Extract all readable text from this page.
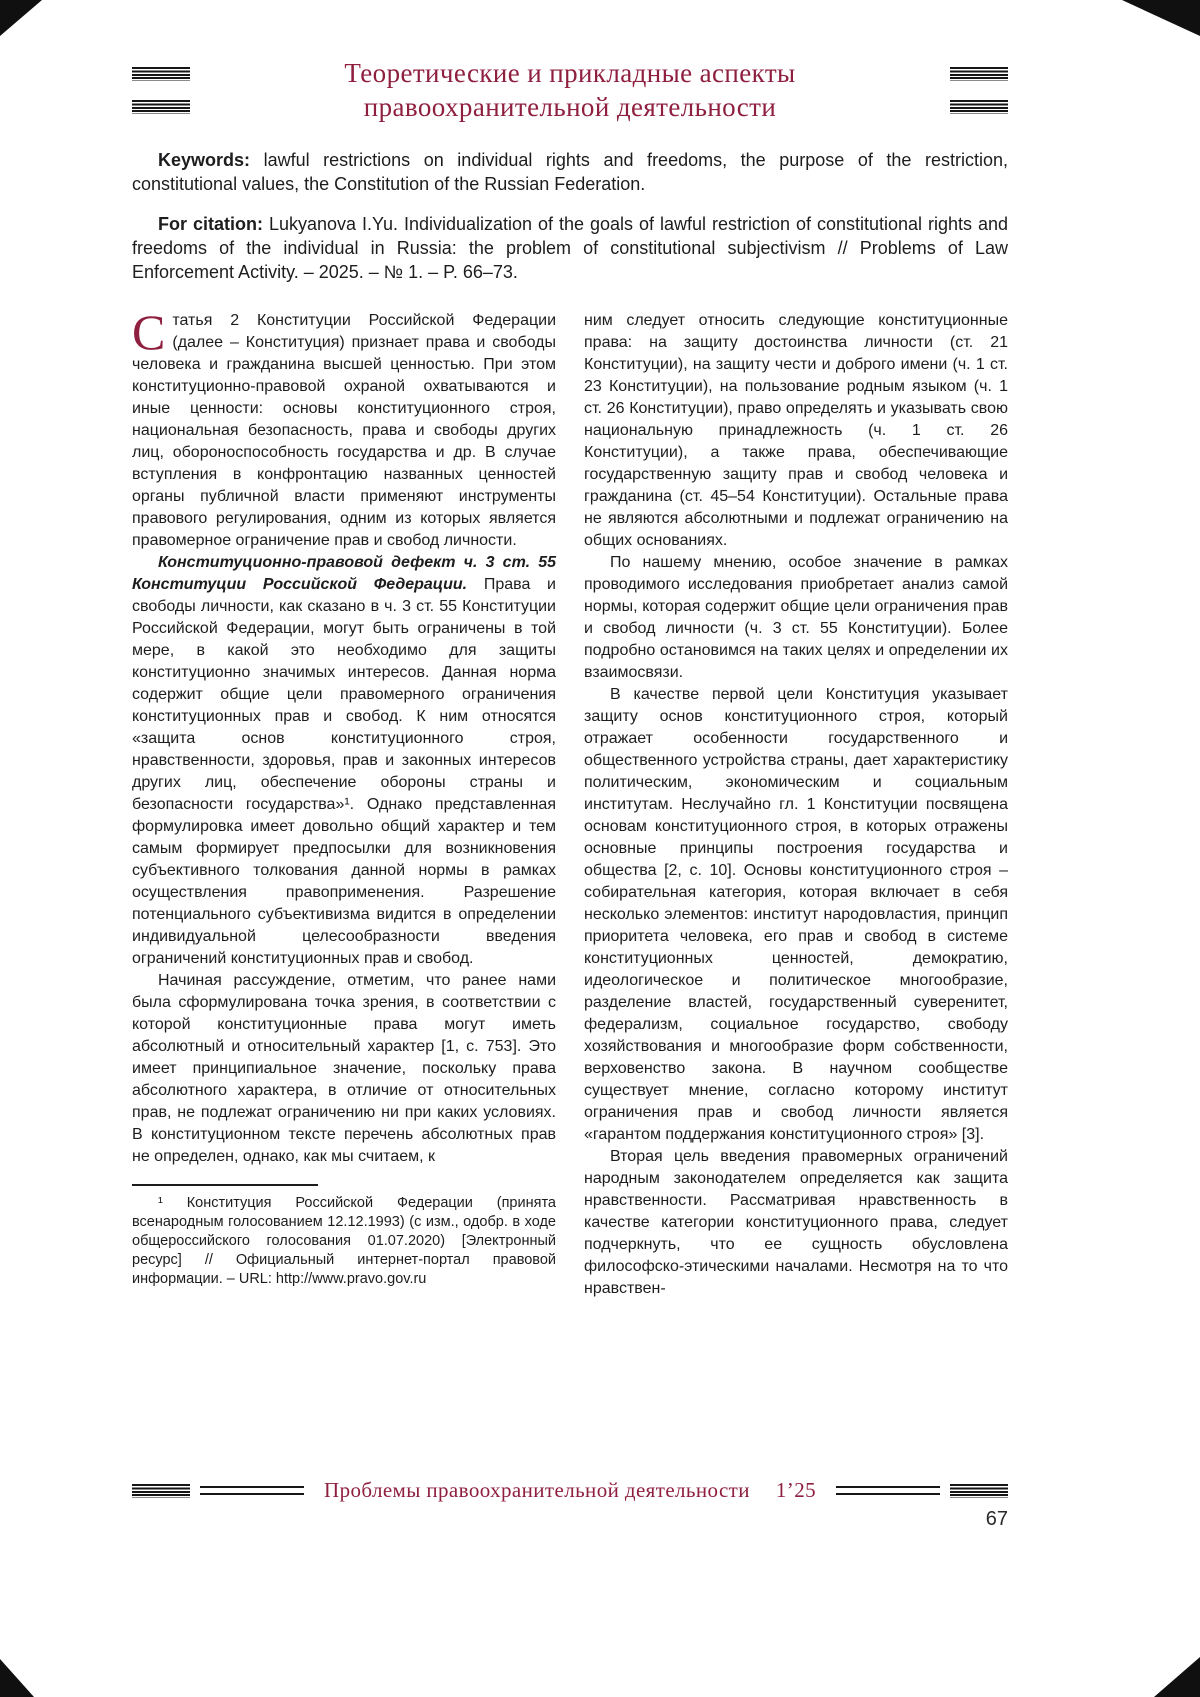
Теоретические и прикладные аспекты
правоохранительной деятельности

Keywords: lawful restrictions on individual rights and freedoms, the purpose of the restriction, constitutional values, the Constitution of the Russian Federation.

For citation: Lukyanova I.Yu. Individualization of the goals of lawful restriction of constitutional rights and freedoms of the individual in Russia: the problem of constitutional subjectivism // Problems of Law Enforcement Activity. – 2025. – № 1. – P. 66–73.

Статья 2 Конституции Российской Федерации (далее – Конституция) признает права и свободы человека и гражданина высшей ценностью. При этом конституционно-правовой охраной охватываются и иные ценности: основы конституционного строя, национальная безопасность, права и свободы других лиц, обороноспособность государства и др. В случае вступления в конфронтацию названных ценностей органы публичной власти применяют инструменты правового регулирования, одним из которых является правомерное ограничение прав и свобод личности.

Конституционно-правовой дефект ч. 3 ст. 55 Конституции Российской Федерации. Права и свободы личности, как сказано в ч. 3 ст. 55 Конституции Российской Федерации, могут быть ограничены в той мере, в какой это необходимо для защиты конституционно значимых интересов. Данная норма содержит общие цели правомерного ограничения конституционных прав и свобод. К ним относятся «защита основ конституционного строя, нравственности, здоровья, прав и законных интересов других лиц, обеспечение обороны страны и безопасности государства»¹. Однако представленная формулировка имеет довольно общий характер и тем самым формирует предпосылки для возникновения субъективного толкования данной нормы в рамках осуществления правоприменения. Разрешение потенциального субъективизма видится в определении индивидуальной целесообразности введения ограничений конституционных прав и свобод.

Начиная рассуждение, отметим, что ранее нами была сформулирована точка зрения, в соответствии с которой конституционные права могут иметь абсолютный и относительный характер [1, с. 753]. Это имеет принципиальное значение, поскольку права абсолютного характера, в отличие от относительных прав, не подлежат ограничению ни при каких условиях. В конституционном тексте перечень абсолютных прав не определен, однако, как мы считаем, к

¹ Конституция Российской Федерации (принята всенародным голосованием 12.12.1993) (с изм., одобр. в ходе общероссийского голосования 01.07.2020) [Электронный ресурс] // Официальный интернет-портал правовой информации. – URL: http://www.pravo.gov.ru

ним следует относить следующие конституционные права: на защиту достоинства личности (ст. 21 Конституции), на защиту чести и доброго имени (ч. 1 ст. 23 Конституции), на пользование родным языком (ч. 1 ст. 26 Конституции), право определять и указывать свою национальную принадлежность (ч. 1 ст. 26 Конституции), а также права, обеспечивающие государственную защиту прав и свобод человека и гражданина (ст. 45–54 Конституции). Остальные права не являются абсолютными и подлежат ограничению на общих основаниях.

По нашему мнению, особое значение в рамках проводимого исследования приобретает анализ самой нормы, которая содержит общие цели ограничения прав и свобод личности (ч. 3 ст. 55 Конституции). Более подробно остановимся на таких целях и определении их взаимосвязи.

В качестве первой цели Конституция указывает защиту основ конституционного строя, который отражает особенности государственного и общественного устройства страны, дает характеристику политическим, экономическим и социальным институтам. Неслучайно гл. 1 Конституции посвящена основам конституционного строя, в которых отражены основные принципы построения государства и общества [2, с. 10]. Основы конституционного строя – собирательная категория, которая включает в себя несколько элементов: институт народовластия, принцип приоритета человека, его прав и свобод в системе конституционных ценностей, демократию, идеологическое и политическое многообразие, разделение властей, государственный суверенитет, федерализм, социальное государство, свободу хозяйствования и многообразие форм собственности, верховенство закона. В научном сообществе существует мнение, согласно которому институт ограничения прав и свобод личности является «гарантом поддержания конституционного строя» [3].

Вторая цель введения правомерных ограничений народным законодателем определяется как защита нравственности. Рассматривая нравственность в качестве категории конституционного права, следует подчеркнуть, что ее сущность обусловлена философско-этическими началами. Несмотря на то что нравствен-

Проблемы правоохранительной деятельности 1’25
67
